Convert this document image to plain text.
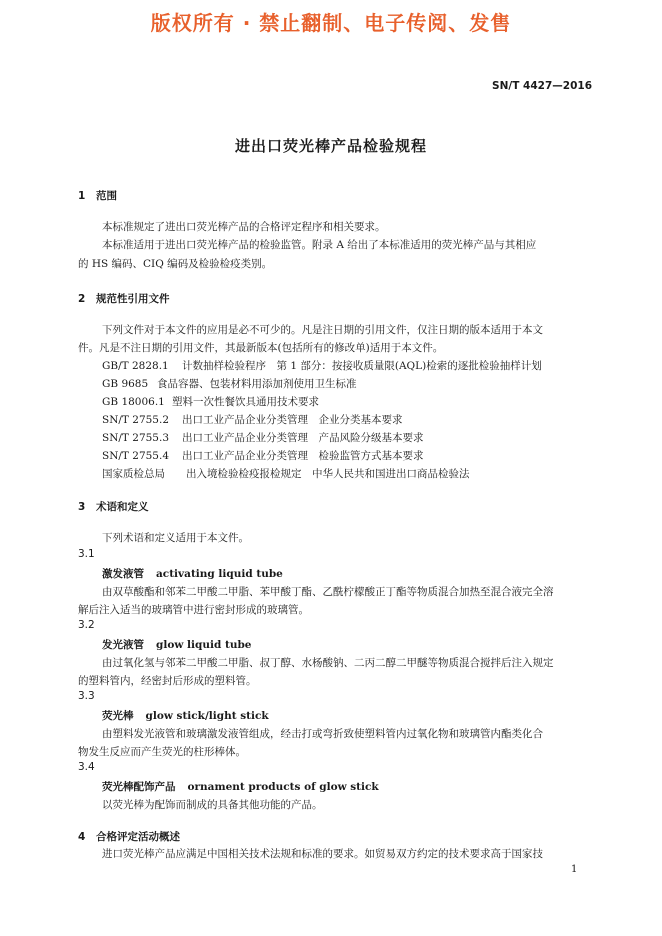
版权所有 · 禁止翻制、电子传阅、发售
SN/T 4427—2016
进出口荧光棒产品检验规程
1 范围
本标准规定了进出口荧光棒产品的合格评定程序和相关要求。
本标准适用于进出口荧光棒产品的检验监管。附录 A 给出了本标准适用的荧光棒产品与其相应
的 HS 编码、CIQ 编码及检验检疫类别。
2 规范性引用文件
下列文件对于本文件的应用是必不可少的。凡是注日期的引用文件，仅注日期的版本适用于本文
件。凡是不注日期的引用文件，其最新版本(包括所有的修改单)适用于本文件。
GB/T 2828.1 计数抽样检验程序　第 1 部分：按接收质量限(AQL)检索的逐批检验抽样计划
GB 9685 食品容器、包装材料用添加剂使用卫生标准
GB 18006.1 塑料一次性餐饮具通用技术要求
SN/T 2755.2 出口工业产品企业分类管理　企业分类基本要求
SN/T 2755.3 出口工业产品企业分类管理　产品风险分级基本要求
SN/T 2755.4 出口工业产品企业分类管理　检验监管方式基本要求
国家质检总局 出入境检验检疫报检规定　中华人民共和国进出口商品检验法
3 术语和定义
下列术语和定义适用于本文件。
3.1
激发液管 activating liquid tube
由双草酸酯和邻苯二甲酸二甲脂、苯甲酸丁酯、乙酰柠檬酸正丁酯等物质混合加热至混合液完全溶
解后注入适当的玻璃管中进行密封形成的玻璃管。
3.2
发光液管 glow liquid tube
由过氧化氢与邻苯二甲酸二甲脂、叔丁醇、水杨酸钠、二丙二醇二甲醚等物质混合搅拌后注入规定
的塑料管内，经密封后形成的塑料管。
3.3
荧光棒 glow stick/light stick
由塑料发光液管和玻璃激发液管组成，经击打或弯折致使塑料管内过氧化物和玻璃管内酯类化合
物发生反应而产生荧光的柱形棒体。
3.4
荧光棒配饰产品 ornament products of glow stick
以荧光棒为配饰而制成的具备其他功能的产品。
4 合格评定活动概述
进口荧光棒产品应满足中国相关技术法规和标准的要求。如贸易双方约定的技术要求高于国家技
1
